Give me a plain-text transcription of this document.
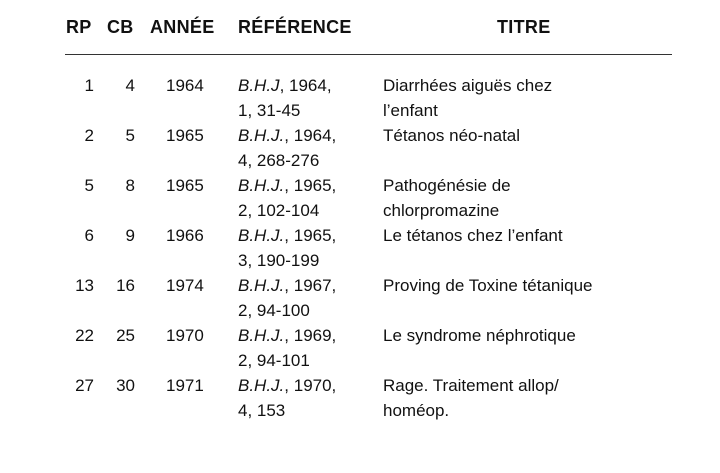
RP CB ANNÉE RÉFÉRENCE	TITRE
1 4 1964 B.H.J, 1964,
1, 31-45
Diarrhées aiguës chez
l’enfant
2 5 1965 B.H.J., 1964,
4, 268-276
Tétanos néo-natal
5 8 1965 B.H.J., 1965,
2, 102-104
Pathogénésie de
chlorpromazine
6 9 1966 B.H.J., 1965,
3, 190-199
Le tétanos chez l’enfant
13 16 1974 B.H.J., 1967,
2, 94-100
Proving de Toxine tétanique
22 25 1970 B.H.J., 1969,
2, 94-101
Le syndrome néphrotique
27 30 1971 B.H.J., 1970,
4, 153
Rage. Traitement allop/
homéop.
